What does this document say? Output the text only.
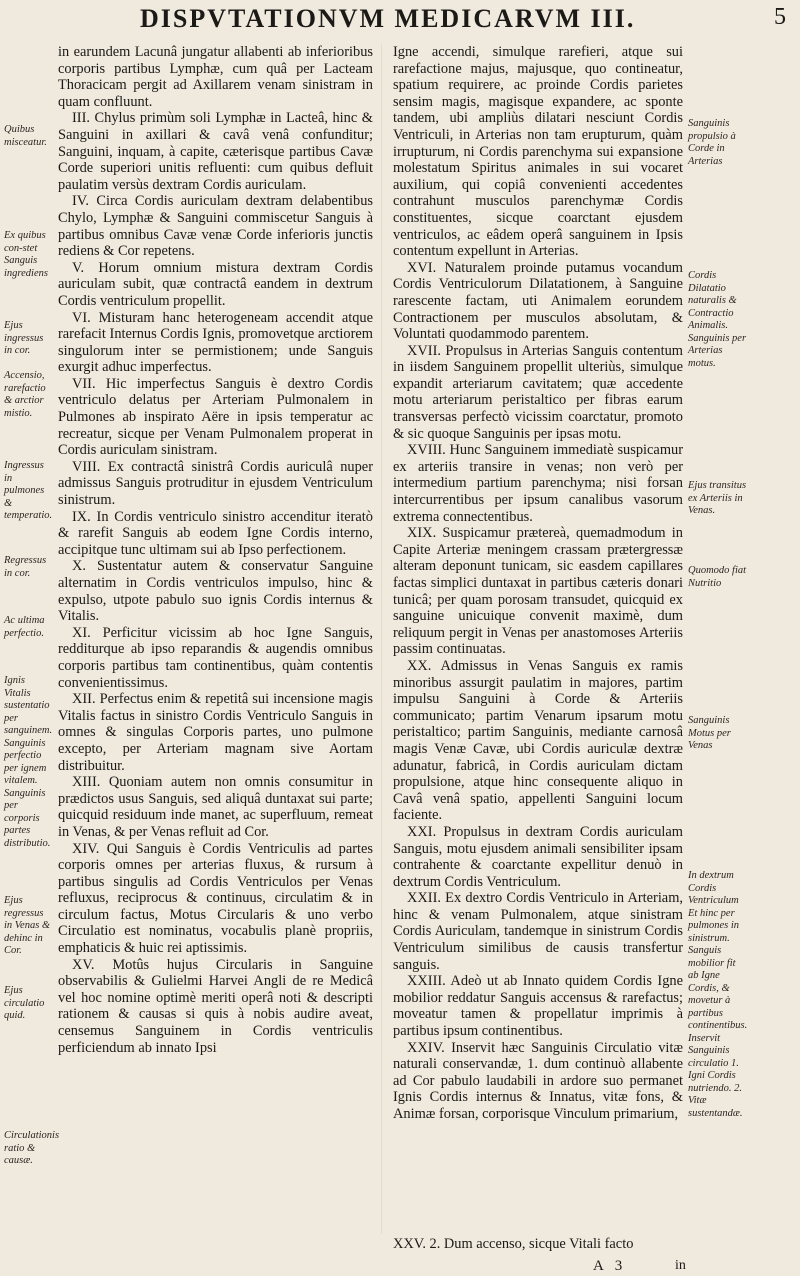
DISPVTATIONVM MEDICARVM III.	5
Quibus misceatur.
Ex quibus con-stet Sanguis ingrediens
Ejus ingressus in cor.
Accensio, rarefactio & arctior mistio.
Ingressus in pulmones & temperatio.
Regressus in cor.
Ac ultima perfectio.
Ignis Vitalis sustentatio per sanguinem. Sanguinis perfectio per ignem vitalem. Sanguinis per corporis partes distributio.
Ejus regressus in Venas & dehinc in Cor.
Ejus circulatio quid.
Circulationis ratio & causæ.

in earundem Lacunâ jungatur allabenti ab inferioribus corporis partibus Lymphæ, cum quâ per Lacteam Thoracicam pergit ad Axillarem venam sinistram in quam confluunt.

III. Chylus primùm soli Lymphæ in Lacteâ, hinc & Sanguini in axillari & cavâ venâ confunditur; Sanguini, inquam, à capite, cæterisque partibus Cavæ Corde superiori unitis refluenti: cum quibus defluit paulatim versùs dextram Cordis auriculam.

IV. Circa Cordis auriculam dextram delabentibus Chylo, Lymphæ & Sanguini commiscetur Sanguis à partibus omnibus Cavæ venæ Corde inferioris junctis rediens & Cor repetens.

V. Horum omnium mistura dextram Cordis auriculam subit, quæ contractâ eandem in dextrum Cordis ventriculum propellit.

VI. Misturam hanc heterogeneam accendit atque rarefacit Internus Cordis Ignis, promovetque arctiorem singulorum inter se permistionem; unde Sanguis exurgit adhuc imperfectus.

VII. Hic imperfectus Sanguis è dextro Cordis ventriculo delatus per Arteriam Pulmonalem in Pulmones ab inspirato Aëre in ipsis temperatur ac recreatur, sicque per Venam Pulmonalem properat in Cordis auriculam sinistram.

VIII. Ex contractâ sinistrâ Cordis auriculâ nuper admissus Sanguis protruditur in ejusdem Ventriculum sinistrum.

IX. In Cordis ventriculo sinistro accenditur iteratò & rarefit Sanguis ab eodem Igne Cordis interno, accipitque tunc ultimam sui ab Ipso perfectionem.

X. Sustentatur autem & conservatur Sanguine alternatim in Cordis ventriculos impulso, hinc & expulso, utpote pabulo suo ignis Cordis internus & Vitalis.

XI. Perficitur vicissim ab hoc Igne Sanguis, redditurque ab ipso reparandis & augendis omnibus corporis partibus tam continentibus, quàm contentis convenientissimus.

XII. Perfectus enim & repetitâ sui incensione magis Vitalis factus in sinistro Cordis Ventriculo Sanguis in omnes & singulas Corporis partes, uno pulmone excepto, per Arteriam magnam sive Aortam distribuitur.

XIII. Quoniam autem non omnis consumitur in prædictos usus Sanguis, sed aliquâ duntaxat sui parte; quicquid residuum inde manet, ac superfluum, remeat in Venas, & per Venas refluit ad Cor.

XIV. Qui Sanguis è Cordis Ventriculis ad partes corporis omnes per arterias fluxus, & rursum à partibus singulis ad Cordis Ventriculos per Venas refluxus, reciprocus & continuus, circulatim & in circulum factus, Motus Circularis & uno verbo Circulatio est nominatus, vocabulis planè propriis, emphaticis & huic rei aptissimis.

XV. Motûs hujus Circularis in Sanguine observabilis & Gulielmi Harvei Angli de re Medicâ vel hoc nomine optimè meriti operâ noti & descripti rationem & causas si quis à nobis audire aveat, censemus Sanguinem in Cordis ventriculis perficiendum ab innato Ipsi

Igne accendi, simulque rarefieri, atque sui rarefactione majus, majusque, quo contineatur, spatium requirere, ac proinde Cordis parietes sensim magis, magisque expandere, ac sponte tandem, ubi ampliùs dilatari nesciunt Cordis Ventriculi, in Arterias non tam erupturum, quàm irrupturum, ni Cordis parenchyma sui expansione molestatum Spiritus animales in sui vocaret auxilium, qui copiâ convenienti accedentes contrahunt musculos parenchymæ Cordis constituentes, sicque coarctant ejusdem ventriculos, ac eâdem operâ sanguinem in Ipsis contentum expellunt in Arterias.

XVI. Naturalem proinde putamus vocandum Cordis Ventriculorum Dilatationem, à Sanguine rarescente factam, uti Animalem eorundem Contractionem per musculos absolutam, & Voluntati quodammodo parentem.

XVII. Propulsus in Arterias Sanguis contentum in iisdem Sanguinem propellit ulteriùs, simulque expandit arteriarum cavitatem; quæ accedente motu arteriarum peristaltico per fibras earum transversas perfectò vicissim coarctatur, promoto & sic quoque Sanguinis per ipsas motu.

XVIII. Hunc Sanguinem immediatè suspicamur ex arteriis transire in venas; non verò per intermedium partium parenchyma; nisi forsan intercurrentibus per ipsum canalibus vasorum extrema connectentibus.

XIX. Suspicamur prætereà, quemadmodum in Capite Arteriæ meningem crassam prætergressæ alteram deponunt tunicam, sic easdem capillares factas simplici duntaxat in partibus cæteris donari tunicâ; per quam porosam transudet, quicquid ex sanguine unicuique convenit maximè, dum reliquum pergit in Venas per anastomoses Arteriis passim continuatas.

XX. Admissus in Venas Sanguis ex ramis minoribus assurgit paulatim in majores, partim impulsu Sanguini à Corde & Arteriis communicato; partim Venarum ipsarum motu peristaltico; partim Sanguinis, mediante carnosâ magis Venæ Cavæ, ubi Cordis auriculæ dextræ adunatur, fabricâ, in Cordis auriculam dictam propulsione, atque hinc consequente aliquo in Cavâ venâ spatio, appellenti Sanguini locum faciente.

XXI. Propulsus in dextram Cordis auriculam Sanguis, motu ejusdem animali sensibiliter ipsam contrahente & coarctante expellitur denuò in dextrum Cordis Ventriculum.

XXII. Ex dextro Cordis Ventriculo in Arteriam, hinc & venam Pulmonalem, atque sinistram Cordis Auriculam, tandemque in sinistrum Cordis Ventriculum similibus de causis transfertur sanguis.

XXIII. Adeò ut ab Innato quidem Cordis Igne mobilior reddatur Sanguis accensus & rarefactus; moveatur tamen & propellatur imprimis à partibus ipsum continentibus.

XXIV. Inservit hæc Sanguinis Circulatio vitæ naturali conservandæ, 1. dum continuò allabente ad Cor pabulo laudabili in ardore suo permanet Ignis Cordis internus & Innatus, vitæ fons, & Animæ forsan, corporisque Vinculum primarium,

Sanguinis propulsio à Corde in Arterias
Cordis Dilatatio naturalis & Contractio Animalis. Sanguinis per Arterias motus.
Ejus transitus ex Arteriis in Venas.
Quomodo fiat Nutritio
Sanguinis Motus per Venas
In dextrum Cordis Ventriculum Et hinc per pulmones in sinistrum. Sanguis mobilior fit ab Igne Cordis, & movetur à partibus continentibus. Inservit Sanguinis circulatio 1. Igni Cordis nutriendo. 2. Vitæ sustentandæ.
XXV. 2. Dum accenso, sicque Vitali facto
A 3	in
